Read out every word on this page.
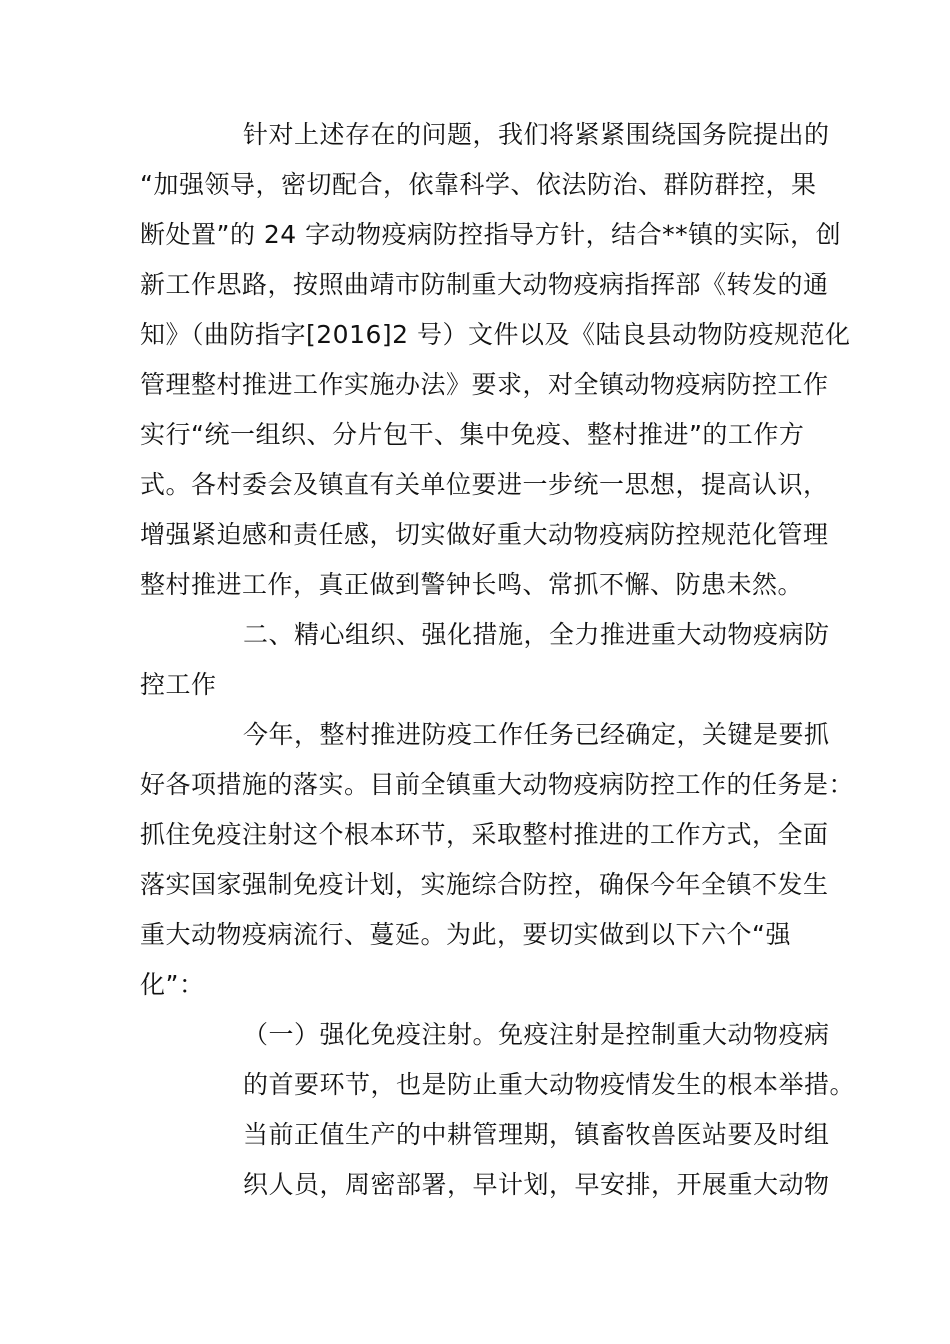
针对上述存在的问题，我们将紧紧围绕国务院提出的
“加强领导，密切配合，依靠科学、依法防治、群防群控，果
断处置”的 24 字动物疫病防控指导方针，结合**镇的实际，创
新工作思路，按照曲靖市防制重大动物疫病指挥部《转发的通
知》（曲防指字[2016]2 号）文件以及《陆良县动物防疫规范化
管理整村推进工作实施办法》要求，对全镇动物疫病防控工作
实行“统一组织、分片包干、集中免疫、整村推进”的工作方
式。各村委会及镇直有关单位要进一步统一思想，提高认识，
增强紧迫感和责任感，切实做好重大动物疫病防控规范化管理
整村推进工作，真正做到警钟长鸣、常抓不懈、防患未然。
二、精心组织、强化措施，全力推进重大动物疫病防
控工作
今年，整村推进防疫工作任务已经确定，关键是要抓
好各项措施的落实。目前全镇重大动物疫病防控工作的任务是：
抓住免疫注射这个根本环节，采取整村推进的工作方式，全面
落实国家强制免疫计划，实施综合防控，确保今年全镇不发生
重大动物疫病流行、蔓延。为此，要切实做到以下六个“强
化”：
（一）强化免疫注射。免疫注射是控制重大动物疫病
的首要环节，也是防止重大动物疫情发生的根本举措。
当前正值生产的中耕管理期，镇畜牧兽医站要及时组
织人员，周密部署，早计划，早安排，开展重大动物
